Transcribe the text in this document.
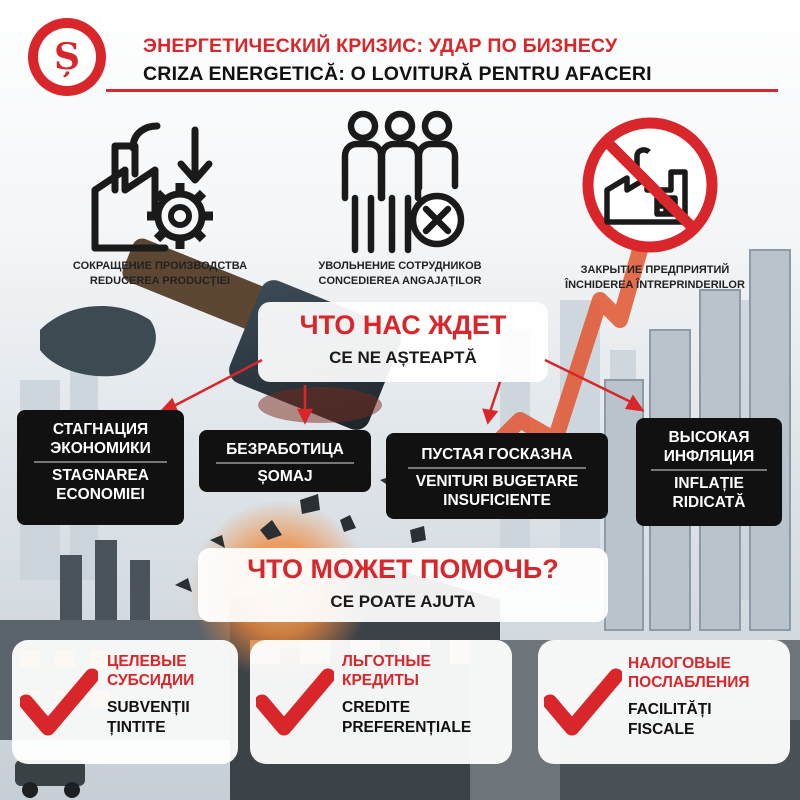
Ș	ЭНЕРГЕТИЧЕСКИЙ КРИЗИС: УДАР ПО БИЗНЕСУ
CRIZA ENERGETICĂ: O LOVITURĂ PENTRU AFACERI
СОКРАЩЕНИЕ ПРОИЗВОДСТВА
REDUCEREA PRODUCȚIEI
УВОЛЬНЕНИЕ СОТРУДНИКОВ
CONCEDIEREA ANGAJAȚILOR
ЗАКРЫТИЕ ПРЕДПРИЯТИЙ
ÎNCHIDEREA ÎNTREPRINDERILOR
ЧТО НАС ЖДЕТ
CE NE AȘTEAPTĂ
СТАГНАЦИЯ
ЭКОНОМИКИ
STAGNAREA
ECONOMIEI
БЕЗРАБОТИЦА
ȘOMAJ
ПУСТАЯ ГОСКАЗНА
VENITURI BUGETARE
INSUFICIENTE
ВЫСОКАЯ
ИНФЛЯЦИЯ
INFLAȚIE
RIDICATĂ
ЧТО МОЖЕТ ПОМОЧЬ?
CE POATE AJUTA
ЦЕЛЕВЫЕ
СУБСИДИИ
SUBVENȚII
ȚINTITE
ЛЬГОТНЫЕ
КРЕДИТЫ
CREDITE
PREFERENȚIALE
НАЛОГОВЫЕ
ПОСЛАБЛЕНИЯ
FACILITĂȚI
FISCALE
